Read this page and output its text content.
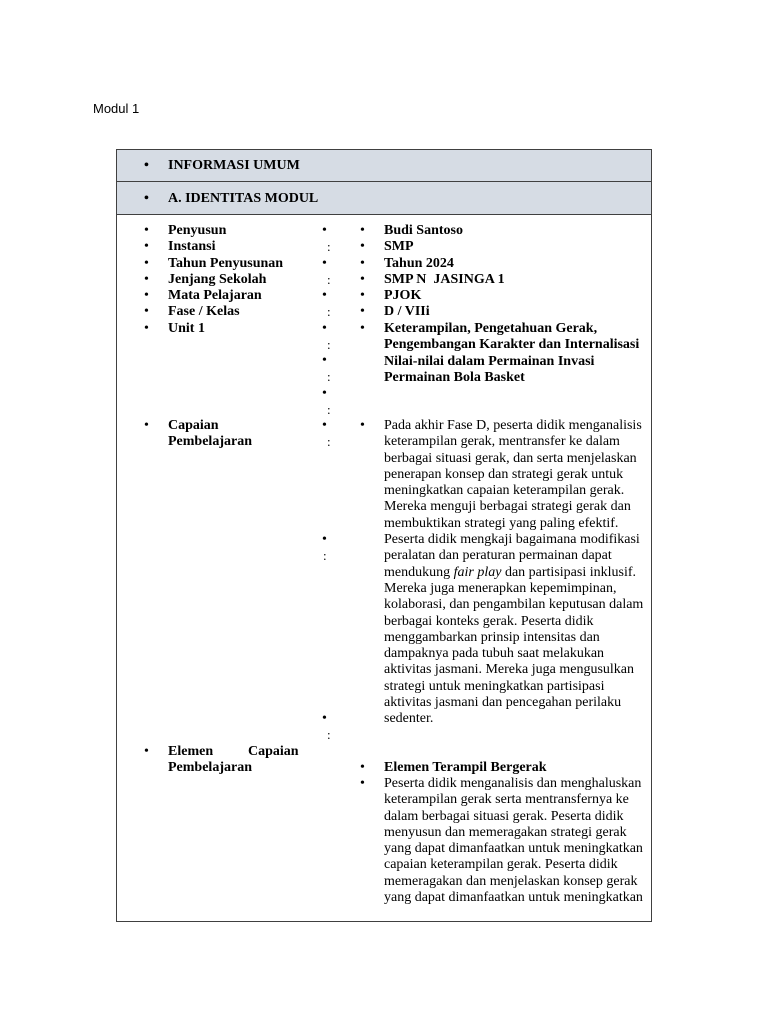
Modul 1
• INFORMASI UMUM
• A. IDENTITAS MODUL
• Penyusun
• Instansi
• Tahun Penyusunan
• Jenjang Sekolah
• Mata Pelajaran
• Fase / Kelas
• Unit 1
•
:
•
:
•
:
•
:
•
:
•
:
•
:
•
:
•
:
• Budi Santoso
• SMP
• Tahun 2024
• SMP N  JASINGA 1
• PJOK
• D / VIIi
• Keterampilan, Pengetahuan Gerak, Pengembangan Karakter dan Internalisasi Nilai-nilai dalam Permainan Invasi Permainan Bola Basket
• Capaian Pembelajaran
• Pada akhir Fase D, peserta didik menganalisis keterampilan gerak, mentransfer ke dalam berbagai situasi gerak, dan serta menjelaskan penerapan konsep dan strategi gerak untuk meningkatkan capaian keterampilan gerak. Mereka menguji berbagai strategi gerak dan membuktikan strategi yang paling efektif. Peserta didik mengkaji bagaimana modifikasi peralatan dan peraturan permainan dapat mendukung fair play dan partisipasi inklusif. Mereka juga menerapkan kepemimpinan, kolaborasi, dan pengambilan keputusan dalam berbagai konteks gerak. Peserta didik menggambarkan prinsip intensitas dan dampaknya pada tubuh saat melakukan aktivitas jasmani. Mereka juga mengusulkan strategi untuk meningkatkan partisipasi aktivitas jasmani dan pencegahan perilaku sedenter.
• Elemen Capaian
Pembelajaran	• Elemen Terampil Bergerak
• Peserta didik menganalisis dan menghaluskan keterampilan gerak serta mentransfernya ke dalam berbagai situasi gerak. Peserta didik menyusun dan memeragakan strategi gerak yang dapat dimanfaatkan untuk meningkatkan capaian keterampilan gerak. Peserta didik memeragakan dan menjelaskan konsep gerak yang dapat dimanfaatkan untuk meningkatkan
